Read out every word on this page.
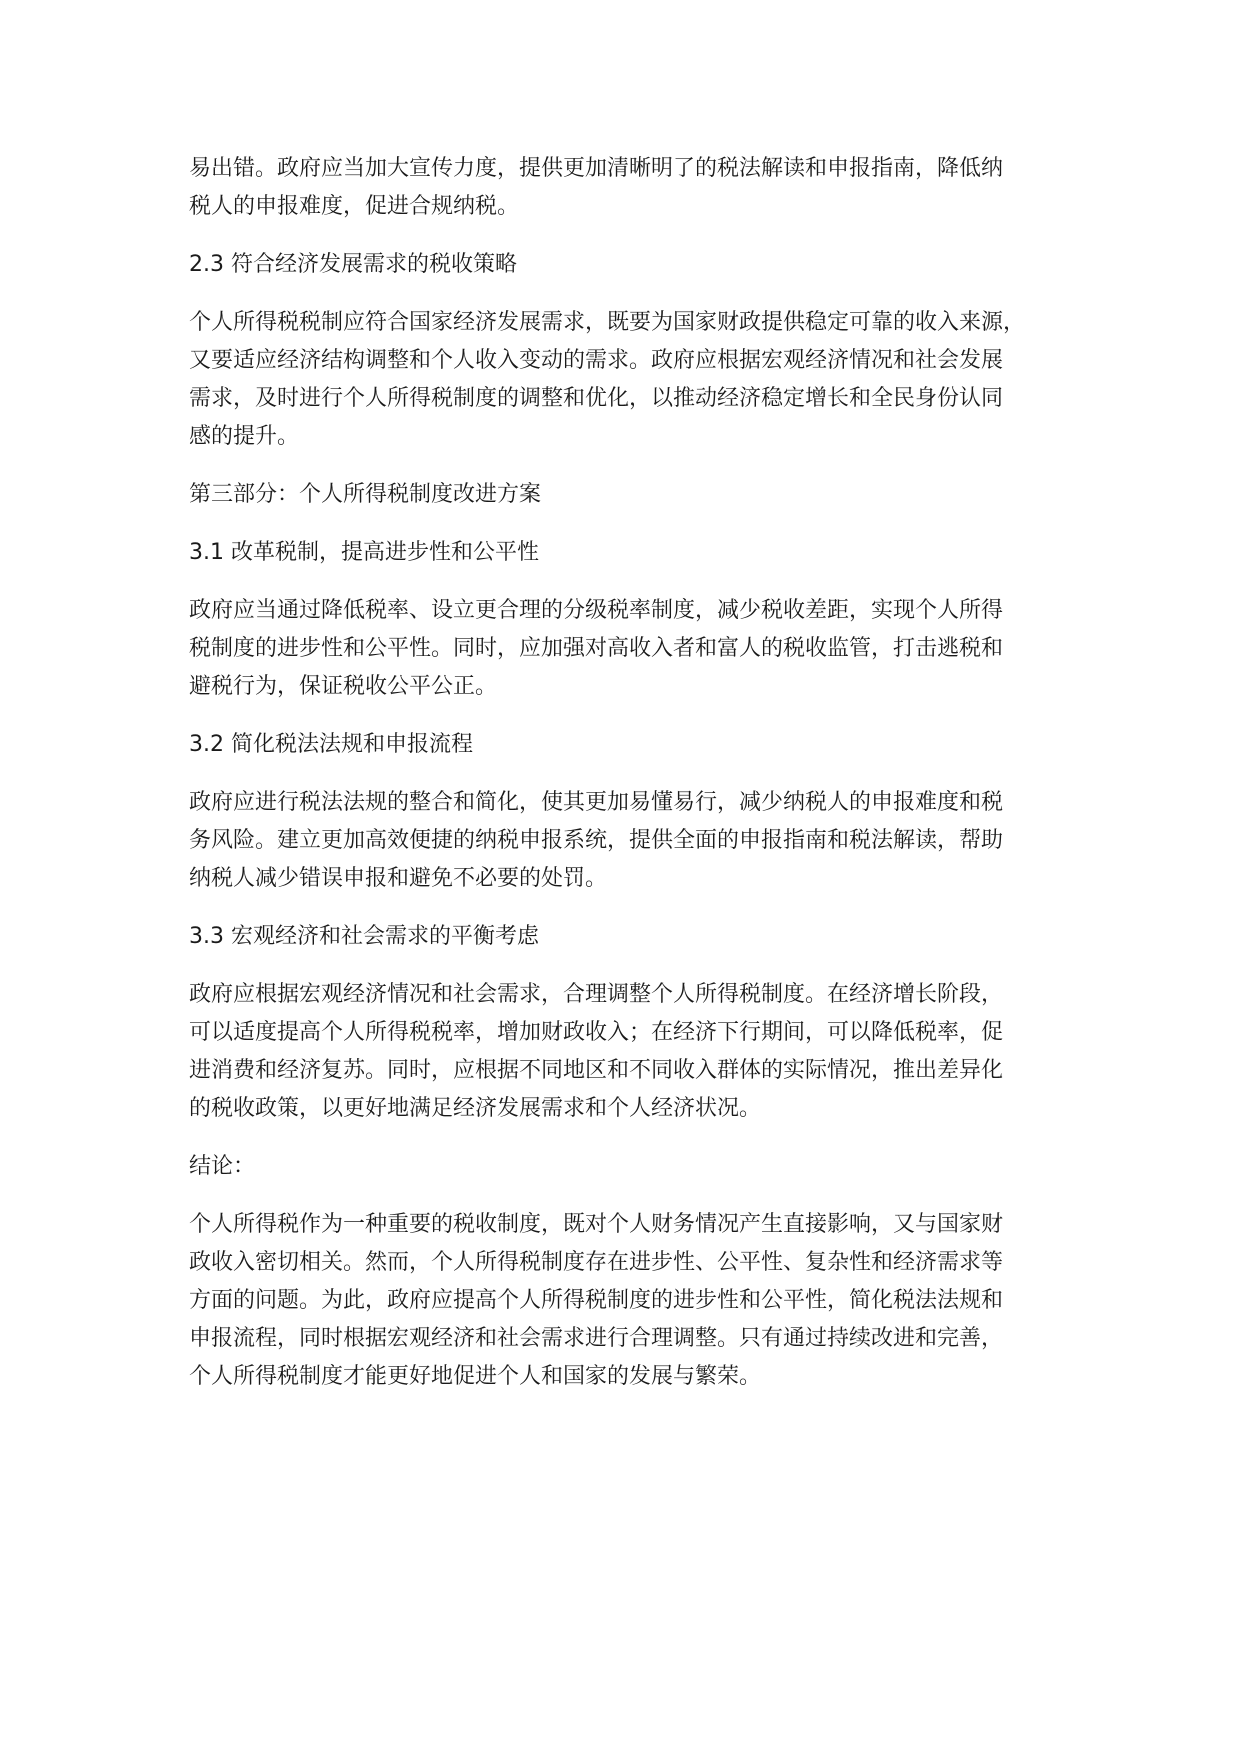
易出错。政府应当加大宣传力度，提供更加清晰明了的税法解读和申报指南，降低纳

税人的申报难度，促进合规纳税。

2.3 符合经济发展需求的税收策略

个人所得税税制应符合国家经济发展需求，既要为国家财政提供稳定可靠的收入来源，

又要适应经济结构调整和个人收入变动的需求。政府应根据宏观经济情况和社会发展

需求，及时进行个人所得税制度的调整和优化，以推动经济稳定增长和全民身份认同

感的提升。

第三部分：个人所得税制度改进方案

3.1 改革税制，提高进步性和公平性

政府应当通过降低税率、设立更合理的分级税率制度，减少税收差距，实现个人所得

税制度的进步性和公平性。同时，应加强对高收入者和富人的税收监管，打击逃税和

避税行为，保证税收公平公正。

3.2 简化税法法规和申报流程

政府应进行税法法规的整合和简化，使其更加易懂易行，减少纳税人的申报难度和税

务风险。建立更加高效便捷的纳税申报系统，提供全面的申报指南和税法解读，帮助

纳税人减少错误申报和避免不必要的处罚。

3.3 宏观经济和社会需求的平衡考虑

政府应根据宏观经济情况和社会需求，合理调整个人所得税制度。在经济增长阶段，

可以适度提高个人所得税税率，增加财政收入；在经济下行期间，可以降低税率，促

进消费和经济复苏。同时，应根据不同地区和不同收入群体的实际情况，推出差异化

的税收政策，以更好地满足经济发展需求和个人经济状况。

结论：

个人所得税作为一种重要的税收制度，既对个人财务情况产生直接影响，又与国家财

政收入密切相关。然而，个人所得税制度存在进步性、公平性、复杂性和经济需求等

方面的问题。为此，政府应提高个人所得税制度的进步性和公平性，简化税法法规和

申报流程，同时根据宏观经济和社会需求进行合理调整。只有通过持续改进和完善，

个人所得税制度才能更好地促进个人和国家的发展与繁荣。
